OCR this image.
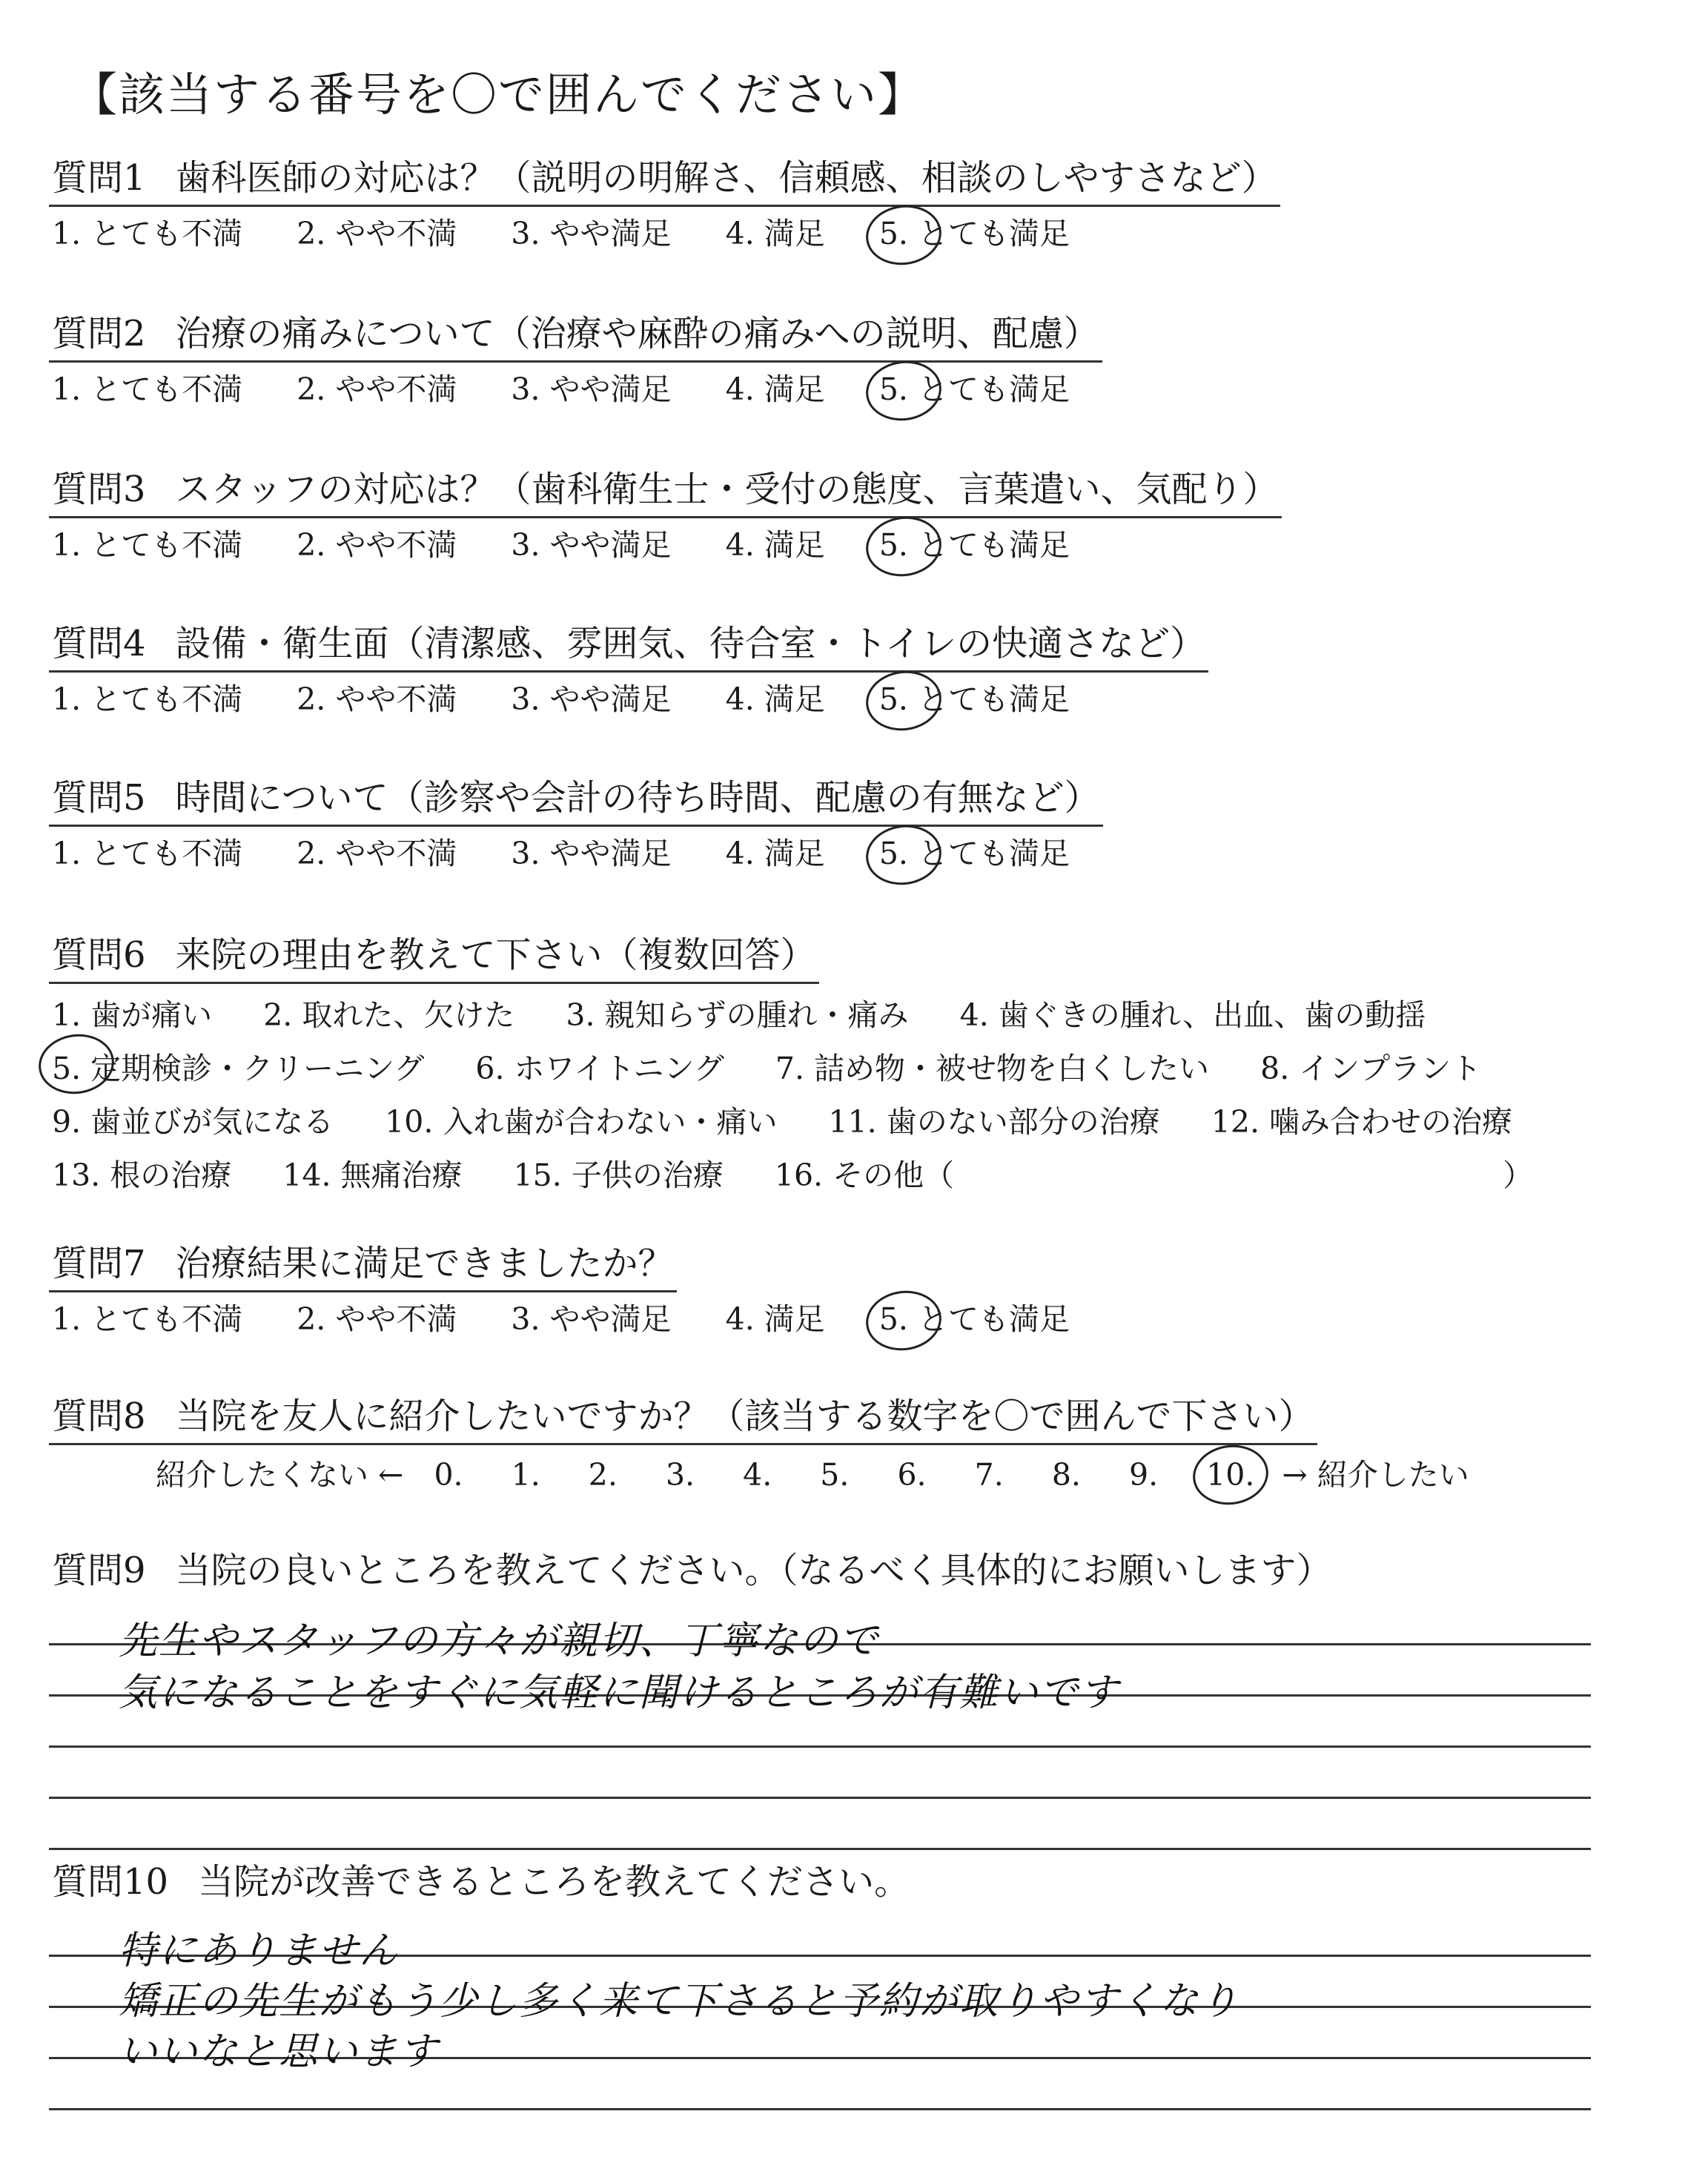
【該当する番号を〇で囲んでください】
質問1 歯科医師の対応は？（説明の明解さ、信頼感、相談のしやすさなど）
1. とても不満 2. やや不満 3. やや満足 4. 満足 5. とても満足
質問2 治療の痛みについて（治療や麻酔の痛みへの説明、配慮）
1. とても不満 2. やや不満 3. やや満足 4. 満足 5. とても満足
質問3 スタッフの対応は？（歯科衛生士・受付の態度、言葉遣い、気配り）
1. とても不満 2. やや不満 3. やや満足 4. 満足 5. とても満足
質問4 設備・衛生面（清潔感、雰囲気、待合室・トイレの快適さなど）
1. とても不満 2. やや不満 3. やや満足 4. 満足 5. とても満足
質問5 時間について（診察や会計の待ち時間、配慮の有無など）
1. とても不満 2. やや不満 3. やや満足 4. 満足 5. とても満足
質問6 来院の理由を教えて下さい（複数回答）
1. 歯が痛い 2. 取れた、欠けた 3. 親知らずの腫れ・痛み 4. 歯ぐきの腫れ、出血、歯の動揺
5. 定期検診・クリーニング 6. ホワイトニング 7. 詰め物・被せ物を白くしたい 8. インプラント
9. 歯並びが気になる 10. 入れ歯が合わない・痛い 11. 歯のない部分の治療 12. 噛み合わせの治療
13. 根の治療 14. 無痛治療 15. 子供の治療 16. その他（	）
質問7 治療結果に満足できましたか？
1. とても不満 2. やや不満 3. やや満足 4. 満足 5. とても満足
質問8 当院を友人に紹介したいですか？（該当する数字を〇で囲んで下さい）
紹介したくない ← 0. 1. 2. 3. 4. 5. 6. 7. 8. 9. 10. → 紹介したい
質問9 当院の良いところを教えてください。（なるべく具体的にお願いします）
先生やスタッフの方々が親切、丁寧なので
気になることをすぐに気軽に聞けるところが有難いです
質問10 当院が改善できるところを教えてください。
特にありません
矯正の先生がもう少し多く来て下さると予約が取りやすくなり
いいなと思います
